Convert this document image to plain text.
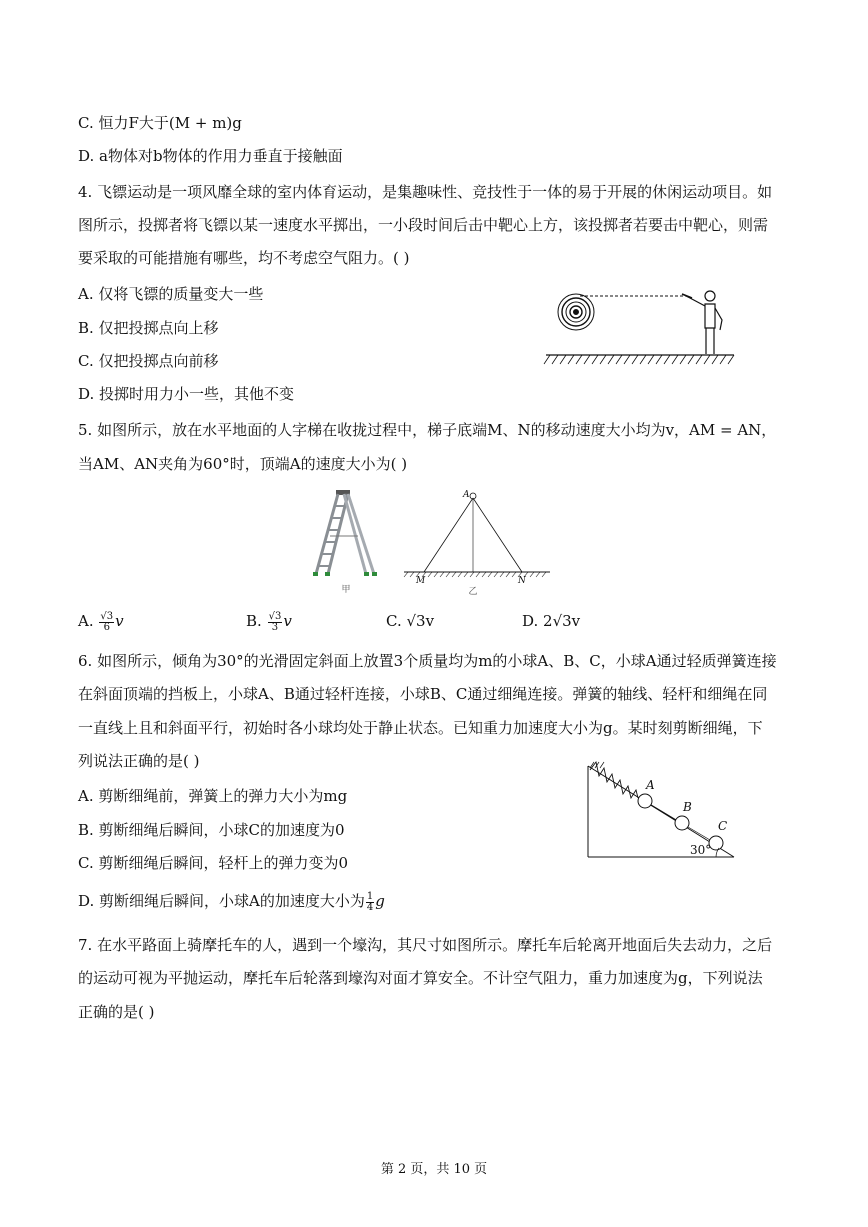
C. 恒力F大于(M + m)g
D. a物体对b物体的作用力垂直于接触面
4. 飞镖运动是一项风靡全球的室内体育运动，是集趣味性、竞技性于一体的易于开展的休闲运动项目。如
图所示，投掷者将飞镖以某一速度水平掷出，一小段时间后击中靶心上方，该投掷者若要击中靶心，则需
要采取的可能措施有哪些，均不考虑空气阻力。( )
A. 仅将飞镖的质量变大一些
B. 仅把投掷点向上移
C. 仅把投掷点向前移
D. 投掷时用力小一些，其他不变
5. 如图所示，放在水平地面的人字梯在收拢过程中，梯子底端M、N的移动速度大小均为v，AM = AN，
当AM、AN夹角为60°时，顶端A的速度大小为( )
甲
A
M	N
乙
A. $\frac{√3}{6}$ v	B. $\frac{√3}{3}$ v	C. √3v	D. 2√3v
6. 如图所示，倾角为30°的光滑固定斜面上放置3个质量均为m的小球A、B、C，小球A通过轻质弹簧连接
在斜面顶端的挡板上，小球A、B通过轻杆连接，小球B、C通过细绳连接。弹簧的轴线、轻杆和细绳在同
一直线上且和斜面平行，初始时各小球均处于静止状态。已知重力加速度大小为g。某时刻剪断细绳，下
列说法正确的是( )
A. 剪断细绳前，弹簧上的弹力大小为mg
B. 剪断细绳后瞬间，小球C的加速度为0
C. 剪断细绳后瞬间，轻杆上的弹力变为0
D. 剪断细绳后瞬间，小球A的加速度大小为 $\frac{1}{4}$ g
A
B
C
30°
7. 在水平路面上骑摩托车的人，遇到一个壕沟，其尺寸如图所示。摩托车后轮离开地面后失去动力，之后
的运动可视为平抛运动，摩托车后轮落到壕沟对面才算安全。不计空气阻力，重力加速度为g，下列说法
正确的是( )
第 2 页，共 10 页
